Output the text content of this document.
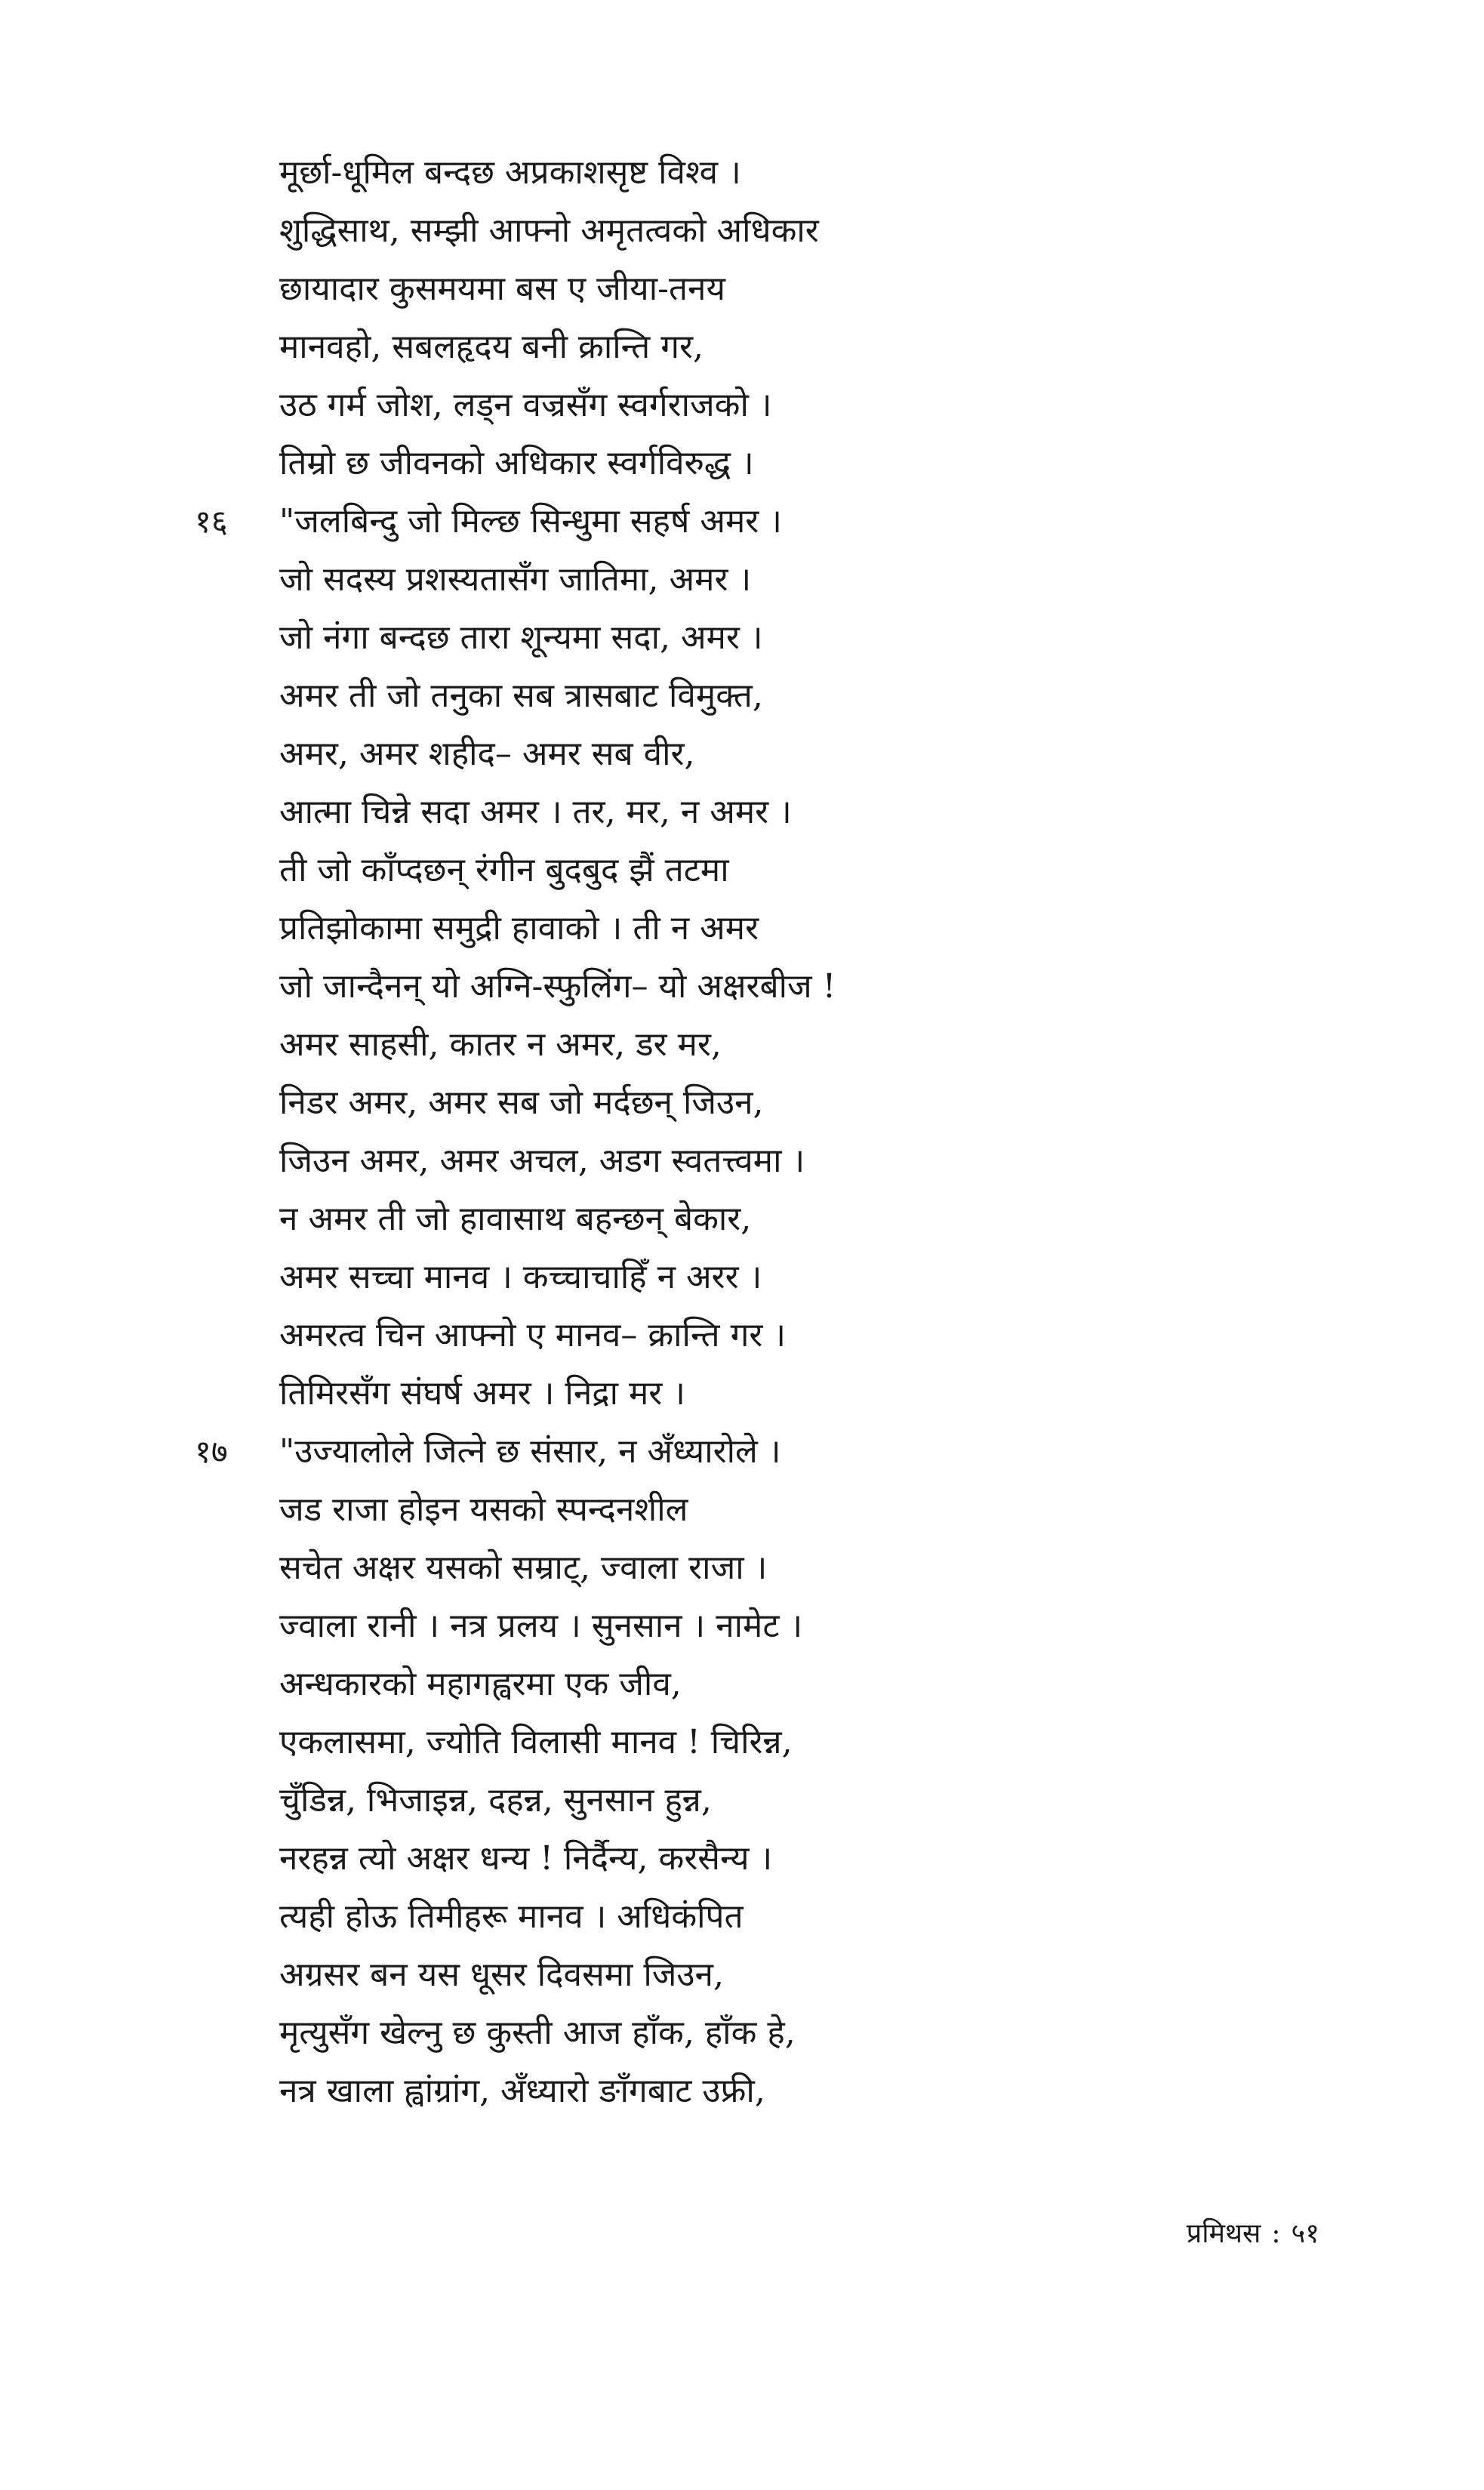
मूर्छा-धूमिल बन्दछ अप्रकाशसृष्ट विश्व ।
शुद्धिसाथ, सम्झी आफ्नो अमृतत्वको अधिकार
छायादार कुसमयमा बस ए जीया-तनय
मानवहो, सबलहृदय बनी क्रान्ति गर,
उठ गर्म जोश, लड्न वज्रसँग स्वर्गराजको ।
तिम्रो छ जीवनको अधिकार स्वर्गविरुद्ध ।
१६ "जलबिन्दु जो मिल्छ सिन्धुमा सहर्ष अमर ।
जो सदस्य प्रशस्यतासँग जातिमा, अमर ।
जो नंगा बन्दछ तारा शून्यमा सदा, अमर ।
अमर ती जो तनुका सब त्रासबाट विमुक्त,
अमर, अमर शहीद– अमर सब वीर,
आत्मा चिन्ने सदा अमर । तर, मर, न अमर ।
ती जो काँप्दछन् रंगीन बुदबुद झैं तटमा
प्रतिझोकामा समुद्री हावाको । ती न अमर
जो जान्दैनन् यो अग्नि-स्फुलिंग– यो अक्षरबीज !
अमर साहसी, कातर न अमर, डर मर,
निडर अमर, अमर सब जो मर्दछन् जिउन,
जिउन अमर, अमर अचल, अडग स्वतत्त्वमा ।
न अमर ती जो हावासाथ बहन्छन् बेकार,
अमर सच्चा मानव । कच्चाचाहिँ न अरर ।
अमरत्व चिन आफ्नो ए मानव– क्रान्ति गर ।
तिमिरसँग संघर्ष अमर । निद्रा मर ।
१७ "उज्यालोले जित्ने छ संसार, न अँध्यारोले ।
जड राजा होइन यसको स्पन्दनशील
सचेत अक्षर यसको सम्राट्, ज्वाला राजा ।
ज्वाला रानी । नत्र प्रलय । सुनसान । नामेट ।
अन्धकारको महागह्वरमा एक जीव,
एकलासमा, ज्योति विलासी मानव ! चिरिन्न,
चुँडिन्न, भिजाइन्न, दहन्न, सुनसान हुन्न,
नरहन्न त्यो अक्षर धन्य ! निर्दैन्य, करसैन्य ।
त्यही होऊ तिमीहरू मानव । अधिकंपित
अग्रसर बन यस धूसर दिवसमा जिउन,
मृत्युसँग खेल्नु छ कुस्ती आज हाँक, हाँक हे,
नत्र खाला ह्वांग्रांग, अँध्यारो ङाँगबाट उफ्री,
प्रमिथस : ५१
